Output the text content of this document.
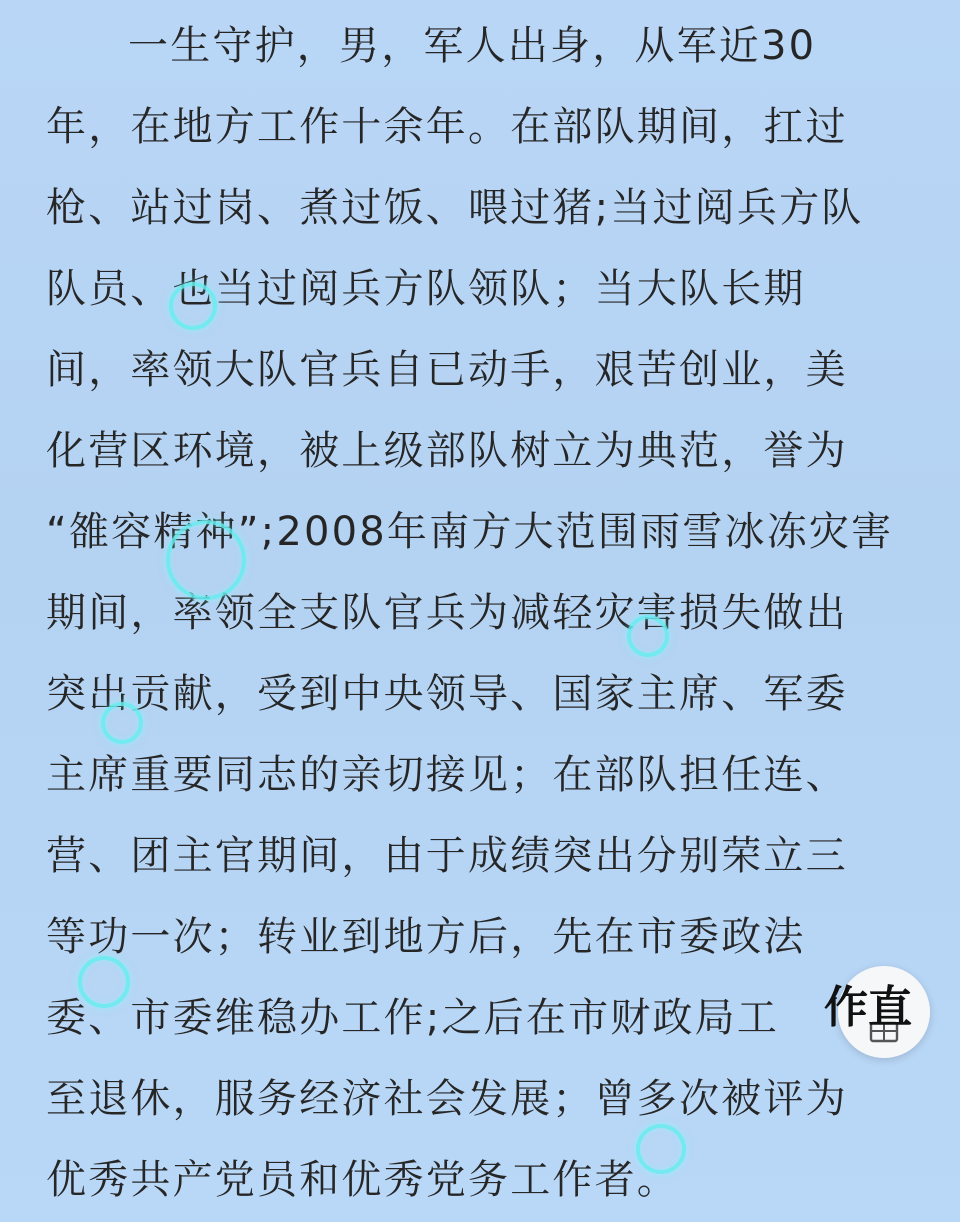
一生守护，男，军人出身，从军近30
年，在地方工作十余年。在部队期间，扛过
枪、站过岗、煮过饭、喂过猪;当过阅兵方队
队员、也当过阅兵方队领队；当大队长期
间，率领大队官兵自已动手，艰苦创业，美
化营区环境，被上级部队树立为典范，誉为
“雒容精神”;2008年南方大范围雨雪冰冻灾害
期间，率领全支队官兵为减轻灾害损失做出
突出贡献，受到中央领导、国家主席、军委
主席重要同志的亲切接见；在部队担任连、
营、团主官期间，由于成绩突出分别荣立三
等功一次；转业到地方后，先在市委政法
委、市委维稳办工作;之后在市财政局工
至退休，服务经济社会发展；曾多次被评为
优秀共产党员和优秀党务工作者。
作直
